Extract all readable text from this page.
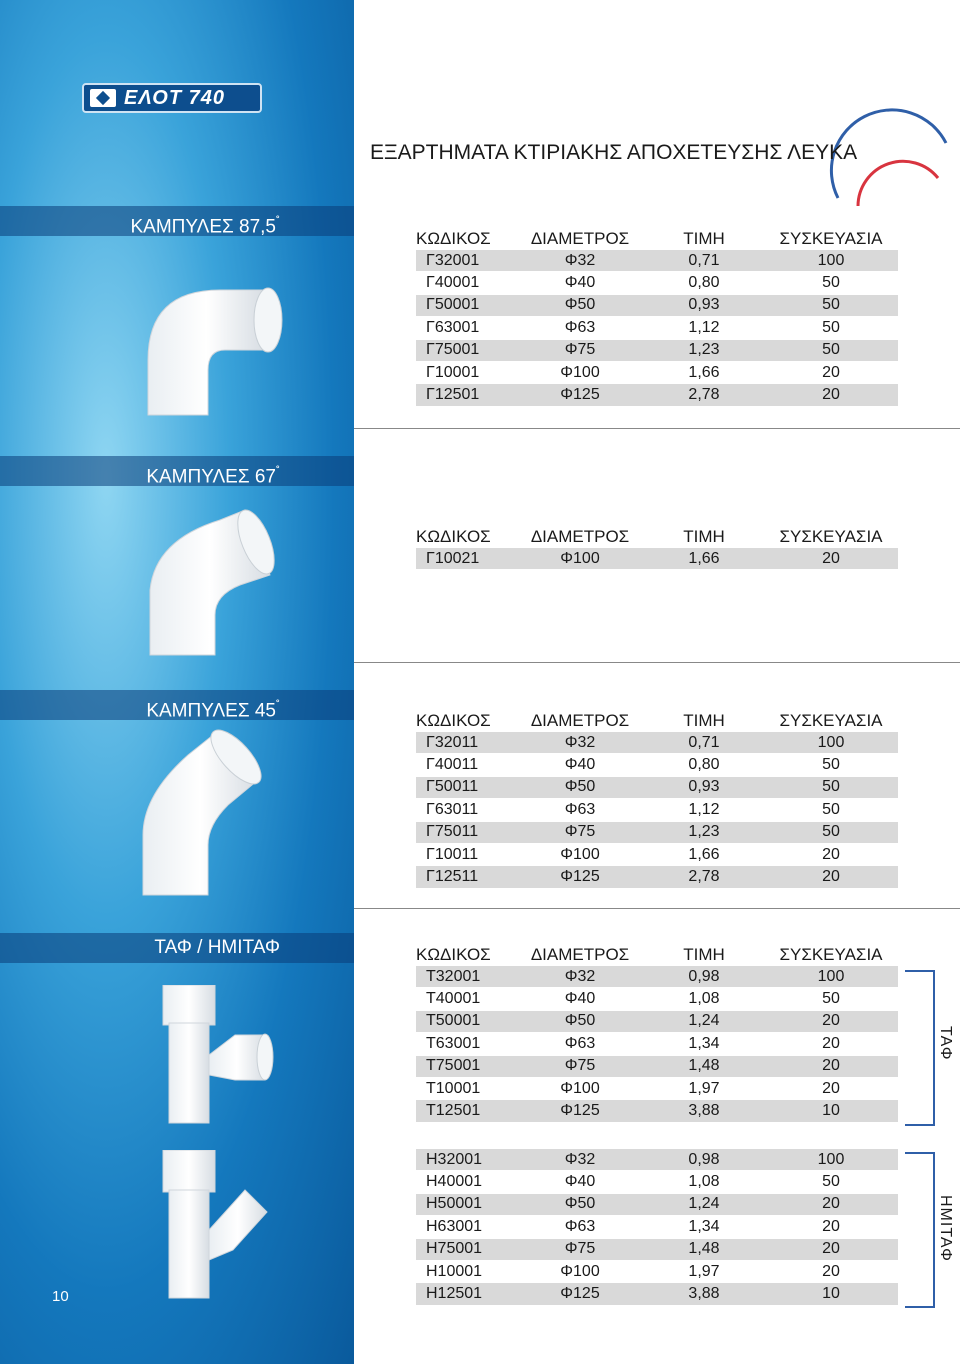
ΕΛΟΤ 740
ΕΞΑΡΤΗΜΑΤΑ ΚΤΙΡΙΑΚΗΣ ΑΠΟΧΕΤΕΥΣΗΣ ΛΕΥΚΑ
ΚΑΜΠΥΛΕΣ 87,5˚
ΚΑΜΠΥΛΕΣ 67˚
ΚΑΜΠΥΛΕΣ 45˚
ΤΑΦ / ΗΜΙΤΑΦ
10
ΚΩΔΙΚΟΣ	ΔΙΑΜΕΤΡΟΣ	ΤΙΜΗ	ΣΥΣΚΕΥΑΣΙΑ
Γ32001	Φ32	0,71	100
Γ40001	Φ40	0,80	50
Γ50001	Φ50	0,93	50
Γ63001	Φ63	1,12	50
Γ75001	Φ75	1,23	50
Γ10001	Φ100	1,66	20
Γ12501	Φ125	2,78	20
ΚΩΔΙΚΟΣ	ΔΙΑΜΕΤΡΟΣ	ΤΙΜΗ	ΣΥΣΚΕΥΑΣΙΑ
Γ10021	Φ100	1,66	20
ΚΩΔΙΚΟΣ	ΔΙΑΜΕΤΡΟΣ	ΤΙΜΗ	ΣΥΣΚΕΥΑΣΙΑ
Γ32011	Φ32	0,71	100
Γ40011	Φ40	0,80	50
Γ50011	Φ50	0,93	50
Γ63011	Φ63	1,12	50
Γ75011	Φ75	1,23	50
Γ10011	Φ100	1,66	20
Γ12511	Φ125	2,78	20
ΚΩΔΙΚΟΣ	ΔΙΑΜΕΤΡΟΣ	ΤΙΜΗ	ΣΥΣΚΕΥΑΣΙΑ
Τ32001	Φ32	0,98	100
Τ40001	Φ40	1,08	50
Τ50001	Φ50	1,24	20
Τ63001	Φ63	1,34	20
Τ75001	Φ75	1,48	20
Τ10001	Φ100	1,97	20
Τ12501	Φ125	3,88	10
Η32001	Φ32	0,98	100
Η40001	Φ40	1,08	50
Η50001	Φ50	1,24	20
Η63001	Φ63	1,34	20
Η75001	Φ75	1,48	20
Η10001	Φ100	1,97	20
Η12501	Φ125	3,88	10
ΤΑΦ
ΗΜΙΤΑΦ
